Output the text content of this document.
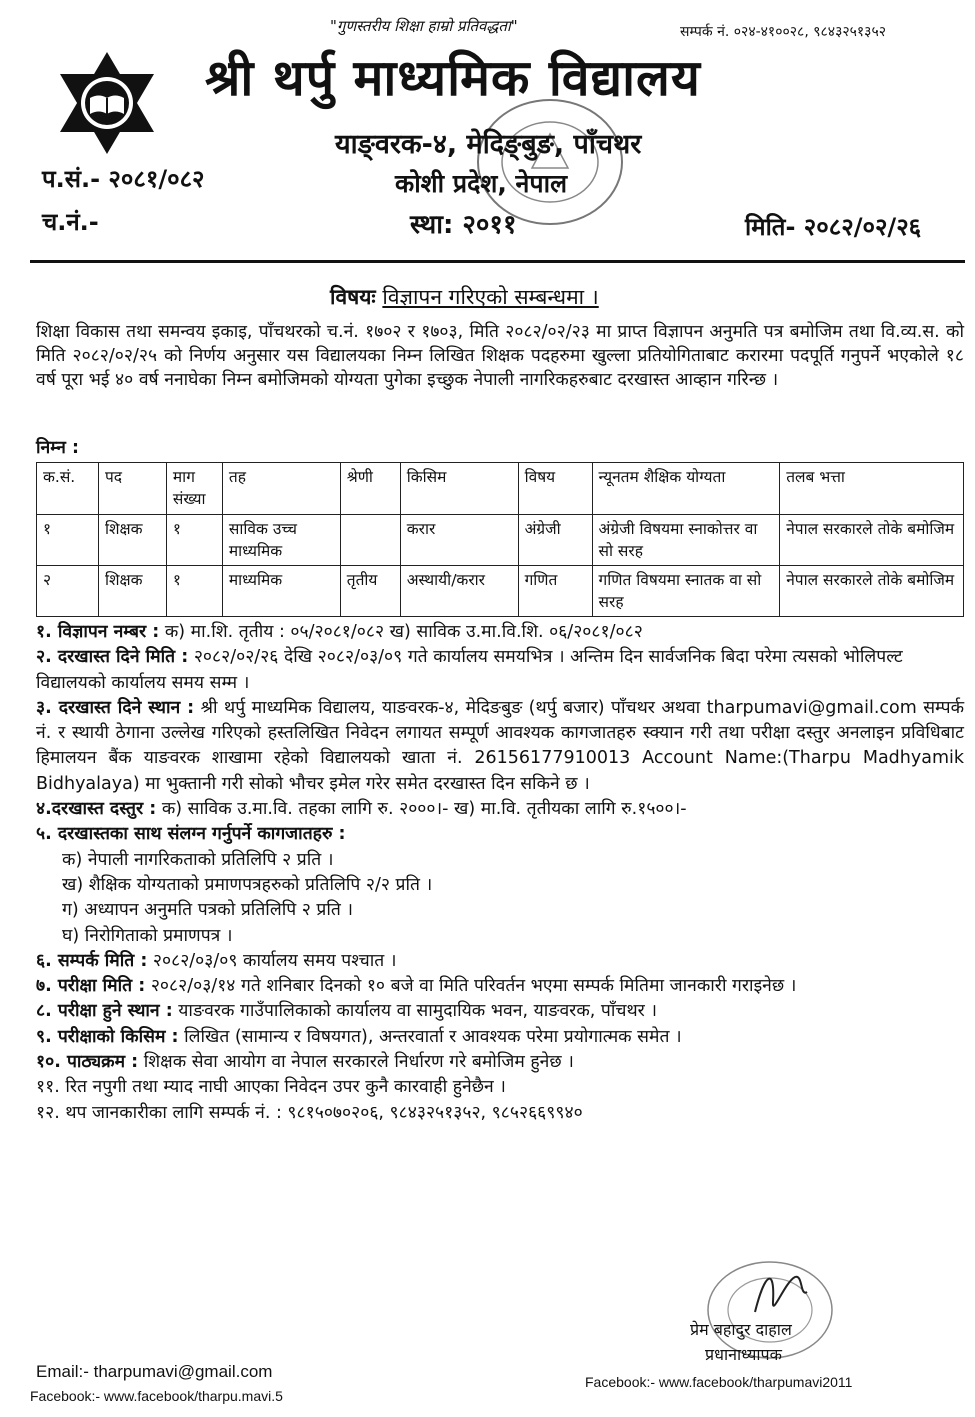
"गुणस्तरीय शिक्षा हाम्रो प्रतिवद्धता"	सम्पर्क नं. ०२४-४१००२८, ९८४३२५१३५२
श्री थर्पु माध्यमिक विद्यालय
याङ्वरक-४, मेदिङ्बुङ, पाँचथर
कोशी प्रदेश, नेपाल
स्था: २०११
प.सं.- २०८१/०८२
च.नं.-	मिति- २०८२/०२/२६
विषयः विज्ञापन गरिएको सम्बन्धमा ।
शिक्षा विकास तथा समन्वय इकाइ, पाँचथरको च.नं. १७०२ र १७०३, मिति २०८२/०२/२३ मा प्राप्त विज्ञापन अनुमति पत्र बमोजिम तथा वि.व्य.स. को मिति २०८२/०२/२५ को निर्णय अनुसार यस विद्यालयका निम्न लिखित शिक्षक पदहरुमा खुल्ला प्रतियोगिताबाट करारमा पदपूर्ति गनुपर्ने भएकोले १८ वर्ष पूरा भई ४० वर्ष ननाघेका निम्न बमोजिमको योग्यता पुगेका इच्छुक नेपाली नागरिकहरुबाट दरखास्त आव्हान गरिन्छ ।
निम्न :
क.सं.	पद	माग संख्या	तह	श्रेणी	किसिम	विषय	न्यूनतम शैक्षिक योग्यता	तलब भत्ता
१	शिक्षक	१	साविक उच्च माध्यमिक		करार	अंग्रेजी	अंग्रेजी विषयमा स्नाकोत्तर वा सो सरह	नेपाल सरकारले तोके बमोजिम
२	शिक्षक	१	माध्यमिक	तृतीय	अस्थायी/करार	गणित	गणित विषयमा स्नातक वा सो सरह	नेपाल सरकारले तोके बमोजिम

१. विज्ञापन नम्बर : क) मा.शि. तृतीय : ०५/२०८१/०८२ ख) साविक उ.मा.वि.शि. ०६/२०८१/०८२

२. दरखास्त दिने मिति : २०८२/०२/२६ देखि २०८२/०३/०९ गते कार्यालय समयभित्र । अन्तिम दिन सार्वजनिक बिदा परेमा त्यसको भोलिपल्ट विद्यालयको कार्यालय समय सम्म ।

३. दरखास्त दिने स्थान : श्री थर्पु माध्यमिक विद्यालय, याङवरक-४, मेदिङबुङ (थर्पु बजार) पाँचथर अथवा tharpumavi@gmail.com सम्पर्क नं. र स्थायी ठेगाना उल्लेख गरिएको हस्तलिखित निवेदन लगायत सम्पूर्ण आवश्यक कागजातहरु स्क्यान गरी तथा परीक्षा दस्तुर अनलाइन प्रविधिबाट हिमालयन बैंक याङवरक शाखामा रहेको विद्यालयको खाता नं. 26156177910013 Account Name:(Tharpu Madhyamik Bidhyalaya) मा भुक्तानी गरी सोको भौचर इमेल गरेर समेत दरखास्त दिन सकिने छ ।

४.दरखास्त दस्तुर : क) साविक उ.मा.वि. तहका लागि रु. २०००।- ख) मा.वि. तृतीयका लागि रु.१५००।-

५. दरखास्तका साथ संलग्न गर्नुपर्ने कागजातहरु :

क) नेपाली नागरिकताको प्रतिलिपि २ प्रति ।

ख) शैक्षिक योग्यताको प्रमाणपत्रहरुको प्रतिलिपि २/२ प्रति ।

ग) अध्यापन अनुमति पत्रको प्रतिलिपि २ प्रति ।

घ) निरोगिताको प्रमाणपत्र ।

६. सम्पर्क मिति : २०८२/०३/०९ कार्यालय समय पश्चात ।

७. परीक्षा मिति : २०८२/०३/१४ गते शनिबार दिनको १० बजे वा मिति परिवर्तन भएमा सम्पर्क मितिमा जानकारी गराइनेछ ।

८. परीक्षा हुने स्थान : याङवरक गाउँपालिकाको कार्यालय वा सामुदायिक भवन, याङवरक, पाँचथर ।

९. परीक्षाको किसिम : लिखित (सामान्य र विषयगत), अन्तरवार्ता र आवश्यक परेमा प्रयोगात्मक समेत ।

१०. पाठ्यक्रम : शिक्षक सेवा आयोग वा नेपाल सरकारले निर्धारण गरे बमोजिम हुनेछ ।

११. रित नपुगी तथा म्याद नाघी आएका निवेदन उपर कुनै कारवाही हुनेछैन ।

१२. थप जानकारीका लागि सम्पर्क नं. : ९८१५०७०२०६, ९८४३२५१३५२, ९८५२६६९९४०

प्रेम बहादुर दाहाल
प्रधानाध्यापक
Email:- tharpumavi@gmail.com
Facebook:- www.facebook/tharpu.mavi.5
Facebook:- www.facebook/tharpumavi2011
